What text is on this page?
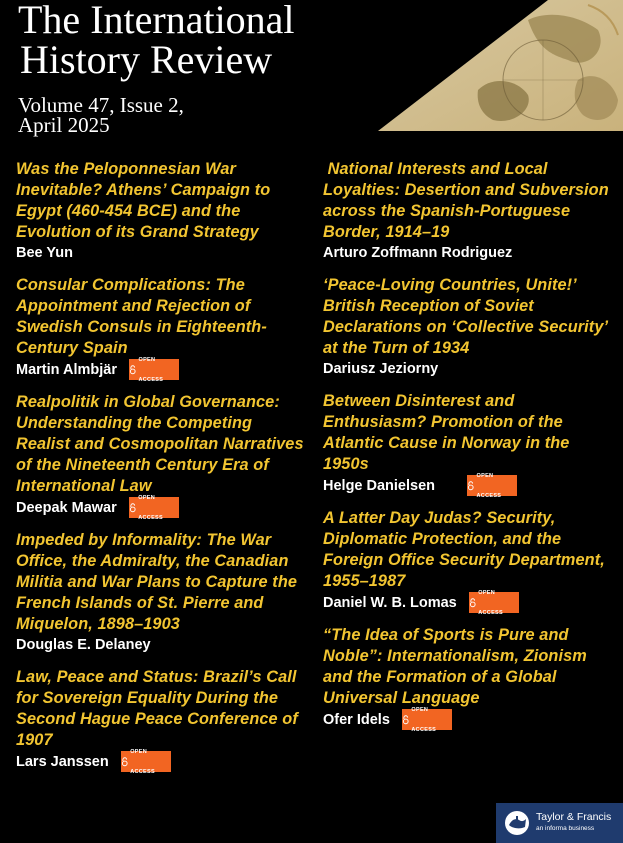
The International
History Review
Volume 47, Issue 2,
April 2025
Was the Peloponnesian War Inevitable? Athens’ Campaign to Egypt (460-454 BCE) and the Evolution of its Grand Strategy
Bee Yun
Consular Complications: The Appointment and Rejection of Swedish Consuls in Eighteenth-Century Spain
Martin Almbjär
OPEN ACCESS
Realpolitik in Global Governance: Understanding the Competing Realist and Cosmopolitan Narratives of the Nineteenth Century Era of International Law
Deepak Mawar
OPEN ACCESS
Impeded by Informality: The War Office, the Admiralty, the Canadian Militia and War Plans to Capture the French Islands of St. Pierre and Miquelon, 1898–1903
Douglas E. Delaney
Law, Peace and Status: Brazil’s Call for Sovereign Equality During the Second Hague Peace Conference of 1907
Lars Janssen
OPEN ACCESS
National Interests and Local Loyalties: Desertion and Subversion across the Spanish-Portuguese Border, 1914–19
Arturo Zoffmann Rodriguez
‘Peace-Loving Countries, Unite!’ British Reception of Soviet Declarations on ‘Collective Security’ at the Turn of 1934
Dariusz Jeziorny
Between Disinterest and Enthusiasm? Promotion of the Atlantic Cause in Norway in the 1950s
Helge Danielsen
OPEN ACCESS
A Latter Day Judas? Security, Diplomatic Protection, and the Foreign Office Security Department, 1955–1987
Daniel W. B. Lomas
OPEN ACCESS
“The Idea of Sports is Pure and Noble”: Internationalism, Zionism and the Formation of a Global Universal Language
Ofer Idels
OPEN ACCESS
Taylor & Francis
an informa business
